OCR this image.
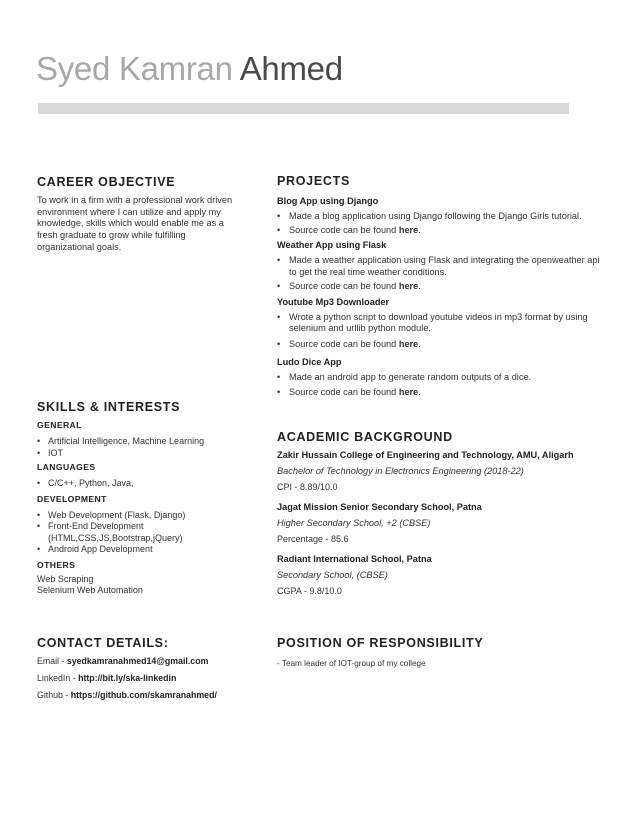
Syed Kamran Ahmed
CAREER OBJECTIVE
To work in a firm with a professional work driven environment where I can utilize and apply my knowledge, skills which would enable me as a fresh graduate to grow while fulfilling organizational goals.
SKILLS & INTERESTS
GENERAL
• Artificial Intelligence, Machine Learning
• IOT
LANGUAGES
• C/C++, Python, Java,
DEVELOPMENT
• Web Development (Flask, Django)
• Front-End Development (HTML,CSS,JS,Bootstrap,jQuery)
• Android App Development
OTHERS
Web Scraping
Selenium Web Automation
CONTACT DETAILS:
Email - syedkamranahmed14@gmail.com
LinkedIn - http://bit.ly/ska-linkedin
Github - https://github.com/skamranahmed/
PROJECTS
Blog App using Django
• Made a blog application using Django following the Django Girls tutorial.
• Source code can be found here.
Weather App using Flask
• Made a weather application using Flask and integrating the openweather api to get the real time weather conditions.
• Source code can be found here.
Youtube Mp3 Downloader
• Wrote a python script to download youtube videos in mp3 format by using selenium and urllib python module.
• Source code can be found here.
Ludo Dice App
• Made an android app to generate random outputs of a dice.
• Source code can be found here.
ACADEMIC BACKGROUND
Zakir Hussain College of Engineering and Technology, AMU, Aligarh
Bachelor of Technology in Electronics Engineering (2018-22)
CPI - 8.89/10.0
Jagat Mission Senior Secondary School, Patna
Higher Secondary School, +2 (CBSE)
Percentage - 85.6
Radiant International School, Patna
Secondary School, (CBSE)
CGPA - 9.8/10.0
POSITION OF RESPONSIBILITY
- Team leader of IOT-group of my college
